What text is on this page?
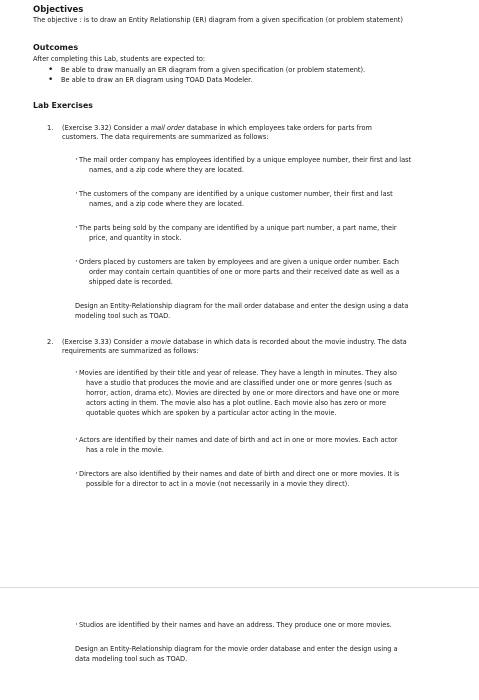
Objectives
The objective : is to draw an Entity Relationship (ER) diagram from a given specification (or problem statement)
Outcomes
After completing this Lab, students are expected to:
• Be able to draw manually an ER diagram from a given specification (or problem statement).
• Be able to draw an ER diagram using TOAD Data Modeler.
Lab Exercises
1. (Exercise 3.32) Consider a mail order database in which employees take orders for parts from
customers. The data requirements are summarized as follows:
· The mail order company has employees identified by a unique employee number, their first and last
names, and a zip code where they are located.
· The customers of the company are identified by a unique customer number, their first and last
names, and a zip code where they are located.
· The parts being sold by the company are identified by a unique part number, a part name, their
price, and quantity in stock.
· Orders placed by customers are taken by employees and are given a unique order number. Each
order may contain certain quantities of one or more parts and their received date as well as a
shipped date is recorded.
Design an Entity-Relationship diagram for the mail order database and enter the design using a data
modeling tool such as TOAD.
2. (Exercise 3.33) Consider a movie database in which data is recorded about the movie industry. The data
requirements are summarized as follows:
· Movies are identified by their title and year of release. They have a length in minutes. They also
have a studio that produces the movie and are classified under one or more genres (such as
horror, action, drama etc). Movies are directed by one or more directors and have one or more
actors acting in them. The movie also has a plot outline. Each movie also has zero or more
quotable quotes which are spoken by a particular actor acting in the movie.
· Actors are identified by their names and date of birth and act in one or more movies. Each actor
has a role in the movie.
· Directors are also identified by their names and date of birth and direct one or more movies. It is
possible for a director to act in a movie (not necessarily in a movie they direct).
· Studios are identified by their names and have an address. They produce one or more movies.
Design an Entity-Relationship diagram for the movie order database and enter the design using a
data modeling tool such as TOAD.
